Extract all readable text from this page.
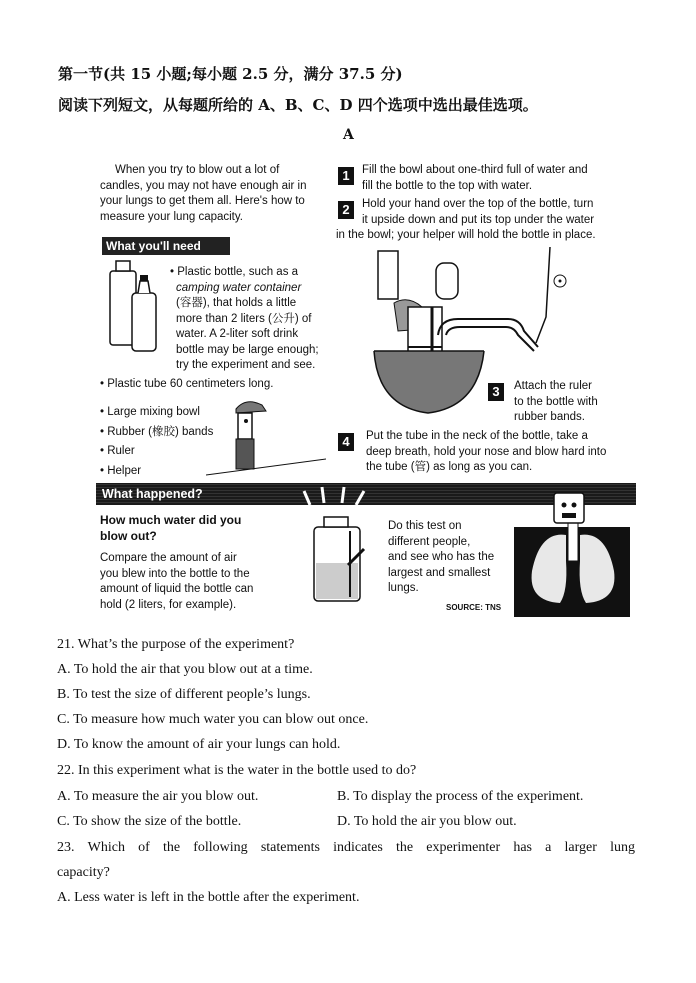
第一节(共 15 小题;每小题 2.5 分，满分 37.5 分)
阅读下列短文，从每题所给的 A、B、C、D 四个选项中选出最佳选项。
A
When you try to blow out a lot of
candles, you may not have enough air in
your lungs to get them all. Here's how to
measure your lung capacity.
What you'll need
• Plastic bottle, such as a
camping water container
(容器), that holds a little
more than 2 liters (公升) of
water. A 2-liter soft drink
bottle may be large enough;
try the experiment and see.
• Plastic tube 60 centimeters long.
• Large mixing bowl
• Rubber (橡胶) bands
• Ruler
• Helper
1	Fill the bowl about one-third full of water and
fill the bottle to the top with water.
2	Hold your hand over the top of the bottle, turn
it upside down and put its top under the water
in the bowl; your helper will hold the bottle in place.
3	Attach the ruler
to the bottle with
rubber bands.
4	Put the tube in the neck of the bottle, take a
deep breath, hold your nose and blow hard into
the tube (管) as long as you can.
What happened?
How much water did you
blow out?
Compare the amount of air
you blew into the bottle to the
amount of liquid the bottle can
hold (2 liters, for example).
Do this test on
different people,
and see who has the
largest and smallest
lungs.
SOURCE: TNS
21. What’s the purpose of the experiment?
A. To hold the air that you blow out at a time.
B. To test the size of different people’s lungs.
C. To measure how much water you can blow out once.
D. To know the amount of air your lungs can hold.
22. In this experiment what is the water in the bottle used to do?
A. To measure the air you blow out.	B. To display the process of the experiment.
C. To show the size of the bottle.	D. To hold the air you blow out.
23. Which of the following statements indicates the experimenter has a larger lung
capacity?
A. Less water is left in the bottle after the experiment.
